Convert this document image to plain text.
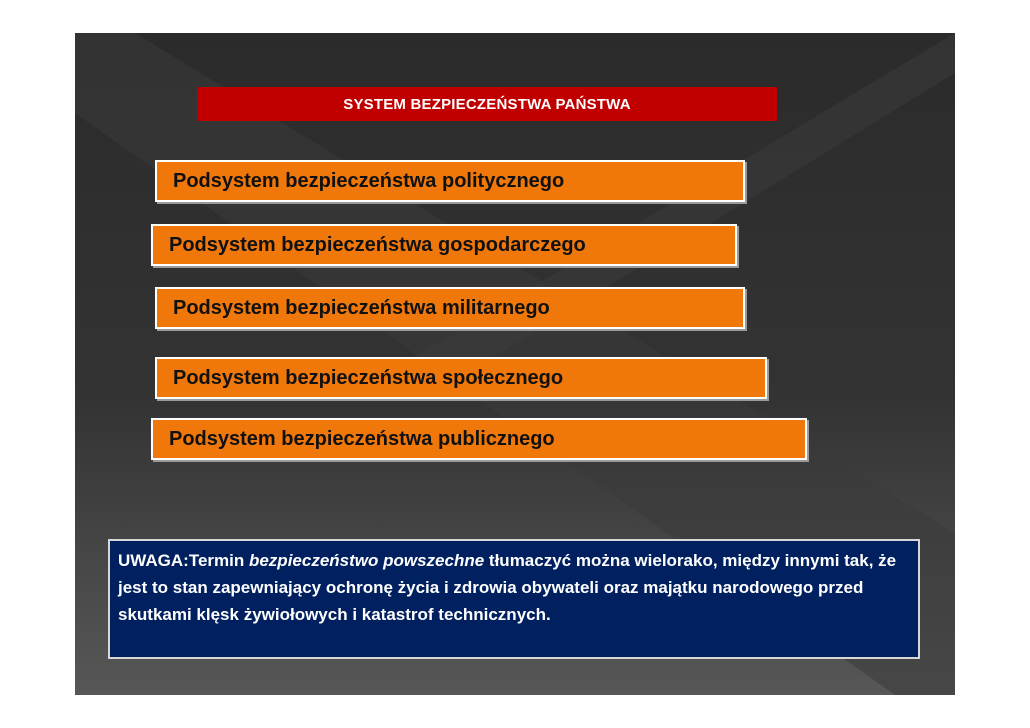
SYSTEM BEZPIECZEŃSTWA PAŃSTWA
Podsystem bezpieczeństwa politycznego
Podsystem bezpieczeństwa gospodarczego
Podsystem bezpieczeństwa militarnego
Podsystem bezpieczeństwa społecznego
Podsystem bezpieczeństwa publicznego
UWAGA:Termin bezpieczeństwo powszechne tłumaczyć można wielorako, między innymi tak, że jest to stan zapewniający ochronę życia i zdrowia obywateli oraz majątku narodowego przed skutkami klęsk żywiołowych i katastrof technicznych.
